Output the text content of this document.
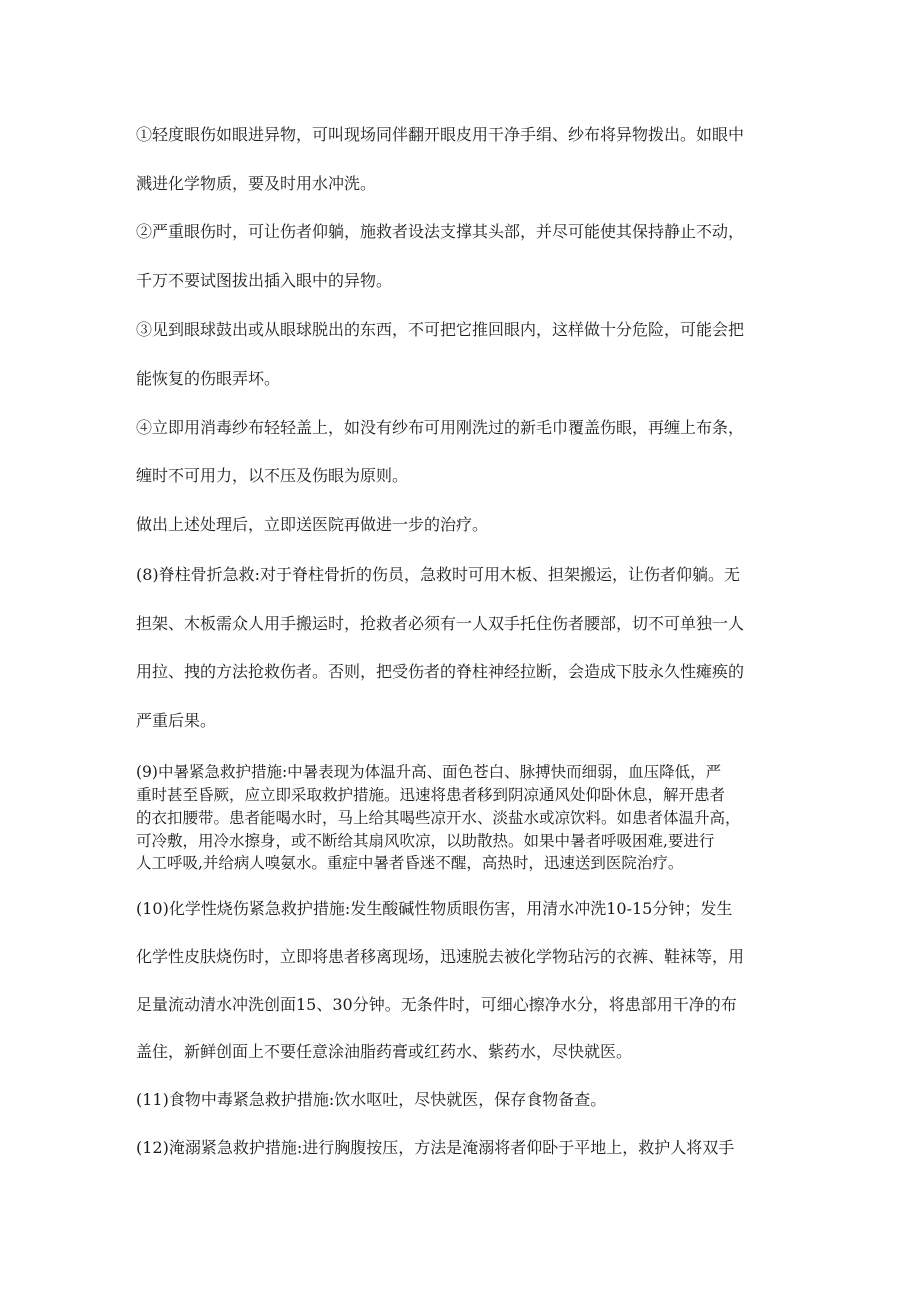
①轻度眼伤如眼进异物，可叫现场同伴翻开眼皮用干净手绢、纱布将异物拨出。如眼中

溅进化学物质，要及时用水冲洗。

②严重眼伤时，可让伤者仰躺，施救者设法支撑其头部，并尽可能使其保持静止不动，

千万不要试图拔出插入眼中的异物。

③见到眼球鼓出或从眼球脱出的东西，不可把它推回眼内，这样做十分危险，可能会把

能恢复的伤眼弄坏。

④立即用消毒纱布轻轻盖上，如没有纱布可用刚洗过的新毛巾覆盖伤眼，再缠上布条，

缠时不可用力，以不压及伤眼为原则。

做出上述处理后，立即送医院再做进一步的治疗。

(8)脊柱骨折急救:对于脊柱骨折的伤员，急救时可用木板、担架搬运，让伤者仰躺。无

担架、木板需众人用手搬运时，抢救者必须有一人双手托住伤者腰部，切不可单独一人

用拉、拽的方法抢救伤者。否则，把受伤者的脊柱神经拉断，会造成下肢永久性瘫痪的

严重后果。

(9)中暑紧急救护措施:中暑表现为体温升高、面色苍白、脉搏快而细弱，血压降低，严

重时甚至昏厥，应立即采取救护措施。迅速将患者移到阴凉通风处仰卧休息，解开患者

的衣扣腰带。患者能喝水时，马上给其喝些凉开水、淡盐水或凉饮料。如患者体温升高，

可冷敷，用冷水擦身，或不断给其扇风吹凉，以助散热。如果中暑者呼吸困难,要进行

人工呼吸,并给病人嗅氨水。重症中暑者昏迷不醒，高热时，迅速送到医院治疗。

(10)化学性烧伤紧急救护措施:发生酸碱性物质眼伤害，用清水冲洗10-15分钟；发生

化学性皮肤烧伤时，立即将患者移离现场，迅速脱去被化学物玷污的衣裤、鞋袜等，用

足量流动清水冲洗创面15、30分钟。无条件时，可细心擦净水分，将患部用干净的布

盖住，新鲜创面上不要任意涂油脂药膏或红药水、紫药水，尽快就医。

(11)食物中毒紧急救护措施:饮水呕吐，尽快就医，保存食物备查。

(12)淹溺紧急救护措施:进行胸腹按压，方法是淹溺将者仰卧于平地上，救护人将双手
